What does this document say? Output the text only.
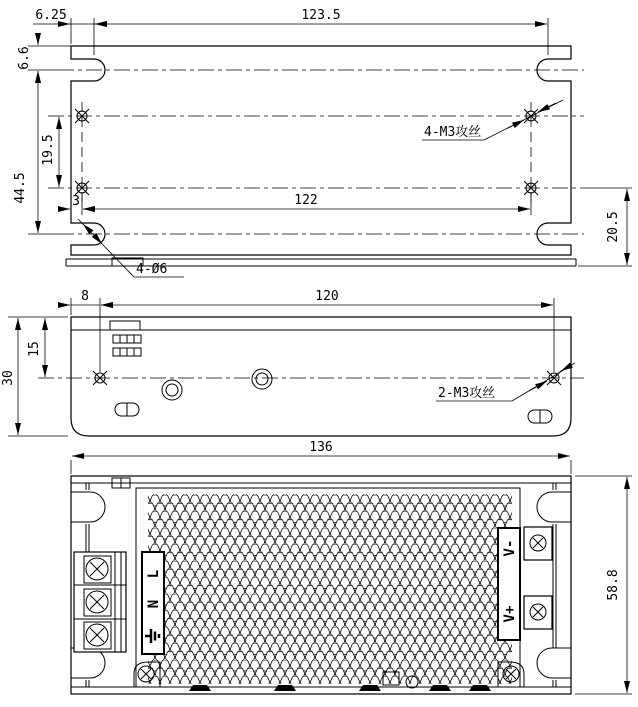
6.25	123.5
6.6
44.5
19.5
3	122
20.5
4-M3攻丝
4-Ø6
8	120
30
15
2-M3攻丝
136
L
N
V-
V+
58.8
